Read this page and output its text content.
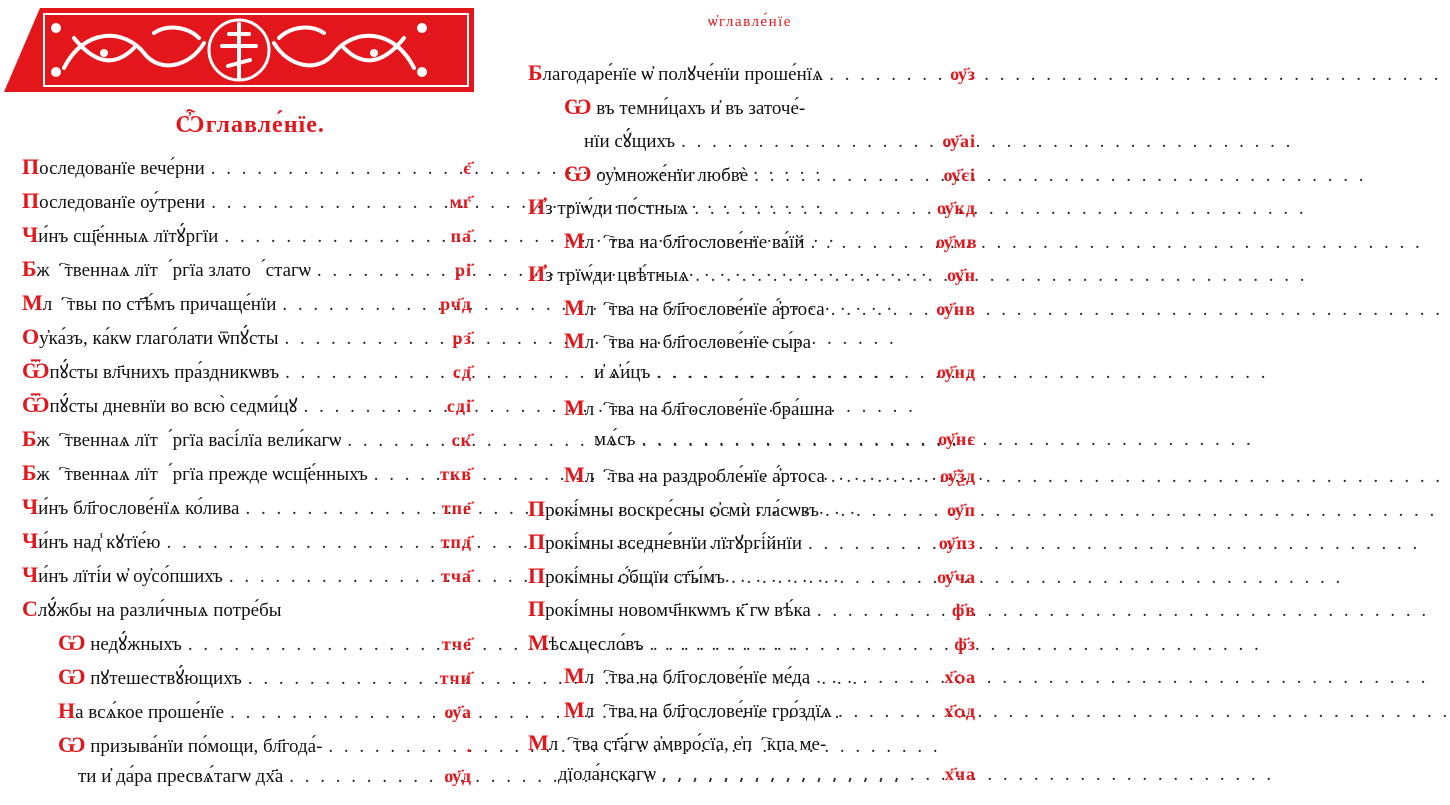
Ѽглавле́нїе.
Последованїе вече́рни . . .	є҃
Последованїе оу́трени . . .	мг҃
Чи́нъ сщ҃е́нныѧ лїтꙋ́ргїи . . .	па҃
Бжⷭ҇твеннаѧ лїтꙋ́ргїа златоꙋ́стагѡ . . .	рі҃
Млⷭ҇твы по ст҃ѣ́мъ причаще́нїи . . .	рч҃д
Оу҆ка́зъ, ка́кѡ глаго́лати ѿпꙋ́сты . . .	рз҃
Ѿпꙋ́сты вл҃чнихъ пра́здникѡвъ . . .	сд҃
Ѿпꙋ́сты дневнїи во всю̀ седми́цꙋ . . .	сді҃
Бжⷭ҇твеннаѧ лїтꙋ́ргїа васі́лїа вели́кагѡ . . .	ск҃
Бжⷭ҇твеннаѧ лїтꙋ́ргїа прежде ѡсщ҃е́нныхъ . . .	ткв҃
Чи́нъ бл҃гослове́нїѧ ко́лива . . .	тпе҃
Чи́нъ над̾ кꙋтїе́ю . . .	тпд҃
Чи́нъ лїті́и ѡ҆ оу҆со́пшихъ . . .	тча҃
Слꙋ́жбы на разли́чныѧ потре́бы
Ѡ недꙋ́жныхъ . . .	тче҃
Ѡ пꙋтешествꙋ́ющихъ . . .	тчи҃
На всѧ́кое проше́нїе . . .	ѹ҃а
Ѡ призыва́нїи по́мощи, бл҃года́- . . .	.
ти и҆ да́ра пресвѧ́тагѡ дх҃а . . .	ѹ҃д
ѡ҆главле́нїе
Благодаре́нїе ѡ҆ полꙋче́нїи проше́нїѧ . . .	ѹ҃з
Ѡ въ темни́цахъ и҆ въ заточе́-
нїи сꙋ́щихъ . . .	ѹ҃аі
Ѡ оу҆множе́нїи любвѐ . . .	ѹ҃єі
И҆з трїѡ́ди по́стныѧ . . .	ѹ҃кд
Млⷭ҇тва на бл҃гослове́нїе ва́їй . . .	ѹ҃мв
И҆з трїѡ́ди цвѣ́тныѧ . . .	ѹ҃н
Млⷭ҇тва на бл҃гослове́нїе а҆́ртоса . . .	ѹ҃нв
Млⷭ҇тва на бл҃гослове́нїе сы́ра
и҆ ѧ҆и́цъ . . .	ѹ҃нд
Млⷭ҇тва на бл҃гослове́нїе бра́шна
мѧ́съ . . .	ѹ҃нє
Млⷭ҇тва на раздробле́нїе а҆́ртоса . . .	ѹ҃ѯд
Прокі́мны воскре́сны ѻ҆смѝ гла́сѡвъ . . .	ѹ҃п
Прокі́мны вседне́внїи лїтꙋргі́йнїи . . .	ѹ҃пз
Прокі́мны ѻ҆́бщїи ст҃ы́мъ . . .	ѹ҃ча
Прокі́мны новомч҃нкѡмъ к҃ гѡ вѣ́ка . . .	ф҃в
Мѣсѧцесло́въ . . .	ф҃з
Млⷭ҇тва на бл҃гослове́нїе ме́да . . .	х҃ѻа
Млⷭ҇тва на бл҃гослове́нїе гро́здїѧ . . .	х҃ѻд
Млⷭ҇тва ст҃а́гѡ а҆мвро́сїа, е҆пⷭ҇кпа ме-
дїола́нскагѡ . . .	х҃ча
